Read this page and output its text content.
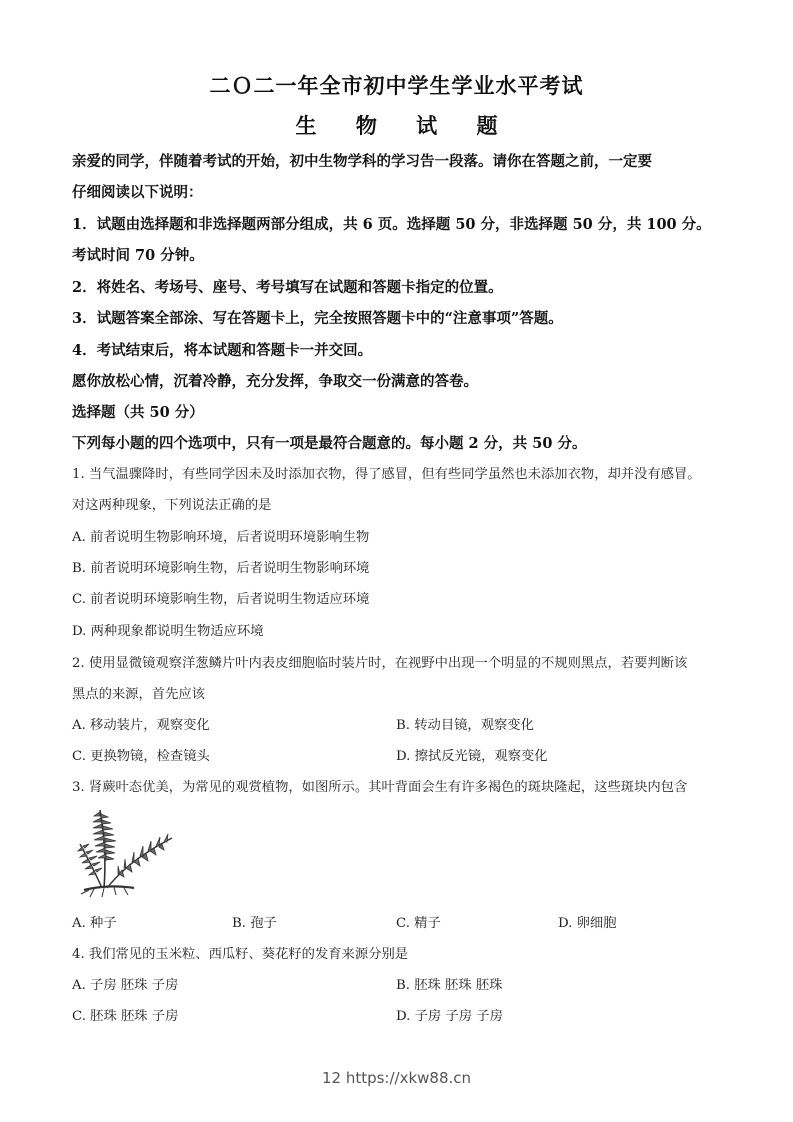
二Ｏ二一年全市初中学生学业水平考试
生 物 试 题
亲爱的同学，伴随着考试的开始，初中生物学科的学习告一段落。请你在答题之前，一定要
仔细阅读以下说明：
1．试题由选择题和非选择题两部分组成，共 6 页。选择题 50 分，非选择题 50 分，共 100 分。
考试时间 70 分钟。
2．将姓名、考场号、座号、考号填写在试题和答题卡指定的位置。
3．试题答案全部涂、写在答题卡上，完全按照答题卡中的“注意事项”答题。
4．考试结束后，将本试题和答题卡一并交回。
愿你放松心情，沉着冷静，充分发挥，争取交一份满意的答卷。
选择题（共 50 分）
下列每小题的四个选项中，只有一项是最符合题意的。每小题 2 分，共 50 分。
1. 当气温骤降时，有些同学因未及时添加衣物，得了感冒，但有些同学虽然也未添加衣物，却并没有感冒。
对这两种现象，下列说法正确的是
A. 前者说明生物影响环境，后者说明环境影响生物
B. 前者说明环境影响生物，后者说明生物影响环境
C. 前者说明环境影响生物，后者说明生物适应环境
D. 两种现象都说明生物适应环境
2. 使用显微镜观察洋葱鳞片叶内表皮细胞临时装片时，在视野中出现一个明显的不规则黑点，若要判断该
黑点的来源，首先应该
A. 移动装片，观察变化	B. 转动目镜，观察变化
C. 更换物镜，检查镜头	D. 擦拭反光镜，观察变化
3. 肾蕨叶态优美，为常见的观赏植物，如图所示。其叶背面会生有许多褐色的斑块隆起，这些斑块内包含
A. 种子	B. 孢子	C. 精子	D. 卵细胞
4. 我们常见的玉米粒、西瓜籽、葵花籽的发育来源分别是
A. 子房 胚珠 子房	B. 胚珠 胚珠 胚珠
C. 胚珠 胚珠 子房	D. 子房 子房 子房
12 https://xkw88.cn
